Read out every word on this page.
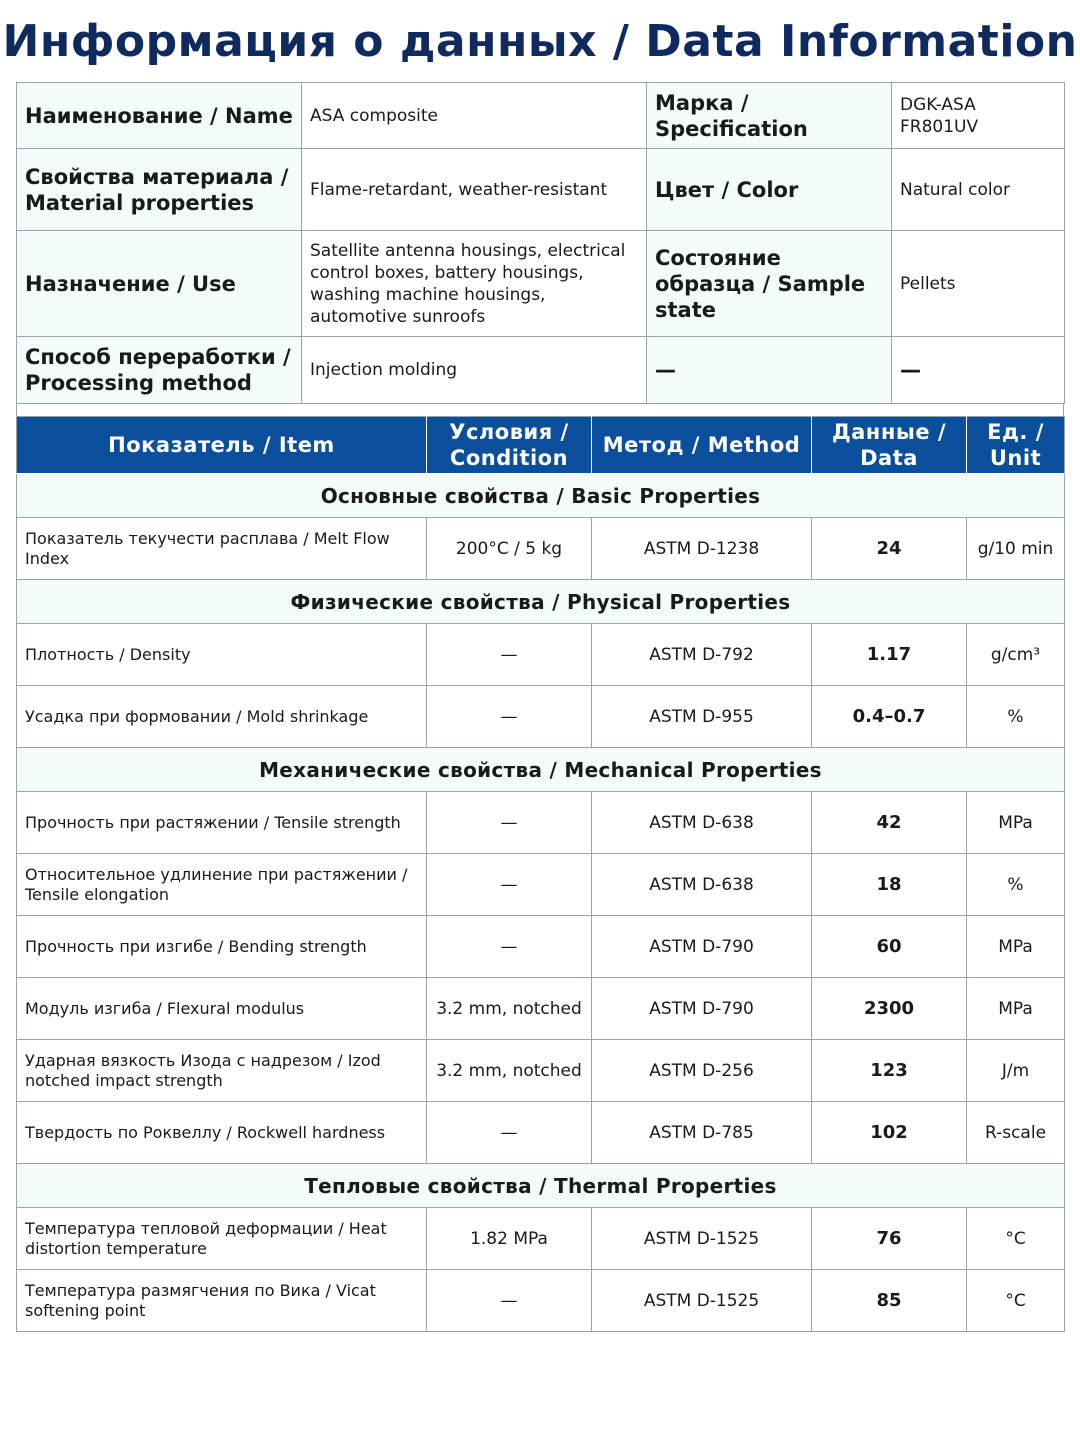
Информация о данных / Data Information
Наименование / Name	ASA composite	Марка / Specification	DGK-ASA FR801UV
Свойства материала / Material properties	Flame-retardant, weather-resistant	Цвет / Color	Natural color
Назначение / Use	Satellite antenna housings, electrical control boxes, battery housings, washing machine housings, automotive sunroofs	Состояние образца / Sample state	Pellets
Способ переработки / Processing method	Injection molding	—	—
Показатель / Item	Условия / Condition	Метод / Method	Данные / Data	Ед. / Unit
Основные свойства / Basic Properties				
Показатель текучести расплава / Melt Flow Index	200°C / 5 kg	ASTM D-1238	24	g/10 min
Физические свойства / Physical Properties				
Плотность / Density	—	ASTM D-792	1.17	g/cm³
Усадка при формовании / Mold shrinkage	—	ASTM D-955	0.4–0.7	%
Механические свойства / Mechanical Properties				
Прочность при растяжении / Tensile strength	—	ASTM D-638	42	MPa
Относительное удлинение при растяжении / Tensile elongation	—	ASTM D-638	18	%
Прочность при изгибе / Bending strength	—	ASTM D-790	60	MPa
Модуль изгиба / Flexural modulus	3.2 mm, notched	ASTM D-790	2300	MPa
Ударная вязкость Изода с надрезом / Izod notched impact strength	3.2 mm, notched	ASTM D-256	123	J/m
Твердость по Роквеллу / Rockwell hardness	—	ASTM D-785	102	R-scale
Тепловые свойства / Thermal Properties				
Температура тепловой деформации / Heat distortion temperature	1.82 MPa	ASTM D-1525	76	°C
Температура размягчения по Вика / Vicat softening point	—	ASTM D-1525	85	°C
